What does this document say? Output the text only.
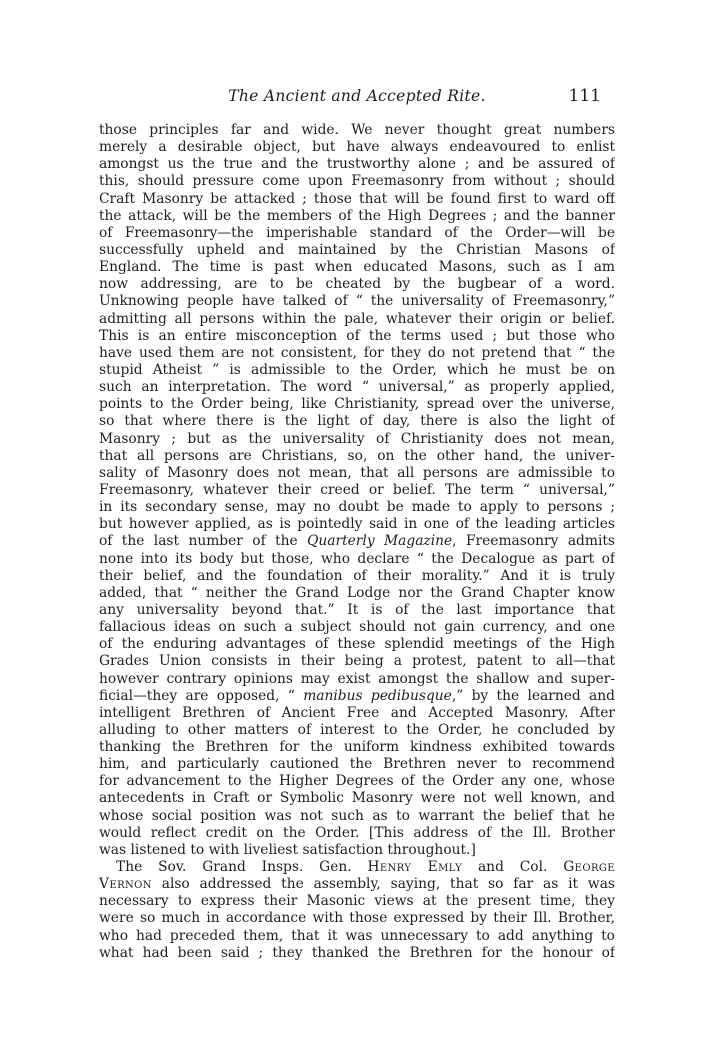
The Ancient and Accepted Rite.	111
those principles far and wide. We never thought great numbers
merely a desirable object, but have always endeavoured to enlist
amongst us the true and the trustworthy alone ; and be assured of
this, should pressure come upon Freemasonry from without ; should
Craft Masonry be attacked ; those that will be found first to ward off
the attack, will be the members of the High Degrees ; and the banner
of Freemasonry—the imperishable standard of the Order—will be
successfully upheld and maintained by the Christian Masons of
England. The time is past when educated Masons, such as I am
now addressing, are to be cheated by the bugbear of a word.
Unknowing people have talked of “ the universality of Freemasonry,”
admitting all persons within the pale, whatever their origin or belief.
This is an entire misconception of the terms used ; but those who
have used them are not consistent, for they do not pretend that “ the
stupid Atheist ” is admissible to the Order, which he must be on
such an interpretation. The word “ universal,” as properly applied,
points to the Order being, like Christianity, spread over the universe,
so that where there is the light of day, there is also the light of
Masonry ; but as the universality of Christianity does not mean,
that all persons are Christians, so, on the other hand, the univer-
sality of Masonry does not mean, that all persons are admissible to
Freemasonry, whatever their creed or belief. The term “ universal,”
in its secondary sense, may no doubt be made to apply to persons ;
but however applied, as is pointedly said in one of the leading articles
of the last number of the Quarterly Magazine, Freemasonry admits
none into its body but those, who declare “ the Decalogue as part of
their belief, and the foundation of their morality.” And it is truly
added, that “ neither the Grand Lodge nor the Grand Chapter know
any universality beyond that.” It is of the last importance that
fallacious ideas on such a subject should not gain currency, and one
of the enduring advantages of these splendid meetings of the High
Grades Union consists in their being a protest, patent to all—that
however contrary opinions may exist amongst the shallow and super-
ficial—they are opposed, “ manibus pedibusque,” by the learned and
intelligent Brethren of Ancient Free and Accepted Masonry. After
alluding to other matters of interest to the Order, he concluded by
thanking the Brethren for the uniform kindness exhibited towards
him, and particularly cautioned the Brethren never to recommend
for advancement to the Higher Degrees of the Order any one, whose
antecedents in Craft or Symbolic Masonry were not well known, and
whose social position was not such as to warrant the belief that he
would reflect credit on the Order. [This address of the Ill. Brother
was listened to with liveliest satisfaction throughout.]
The Sov. Grand Insps. Gen. Henry Emly and Col. George
Vernon also addressed the assembly, saying, that so far as it was
necessary to express their Masonic views at the present time, they
were so much in accordance with those expressed by their Ill. Brother,
who had preceded them, that it was unnecessary to add anything to
what had been said ; they thanked the Brethren for the honour of
